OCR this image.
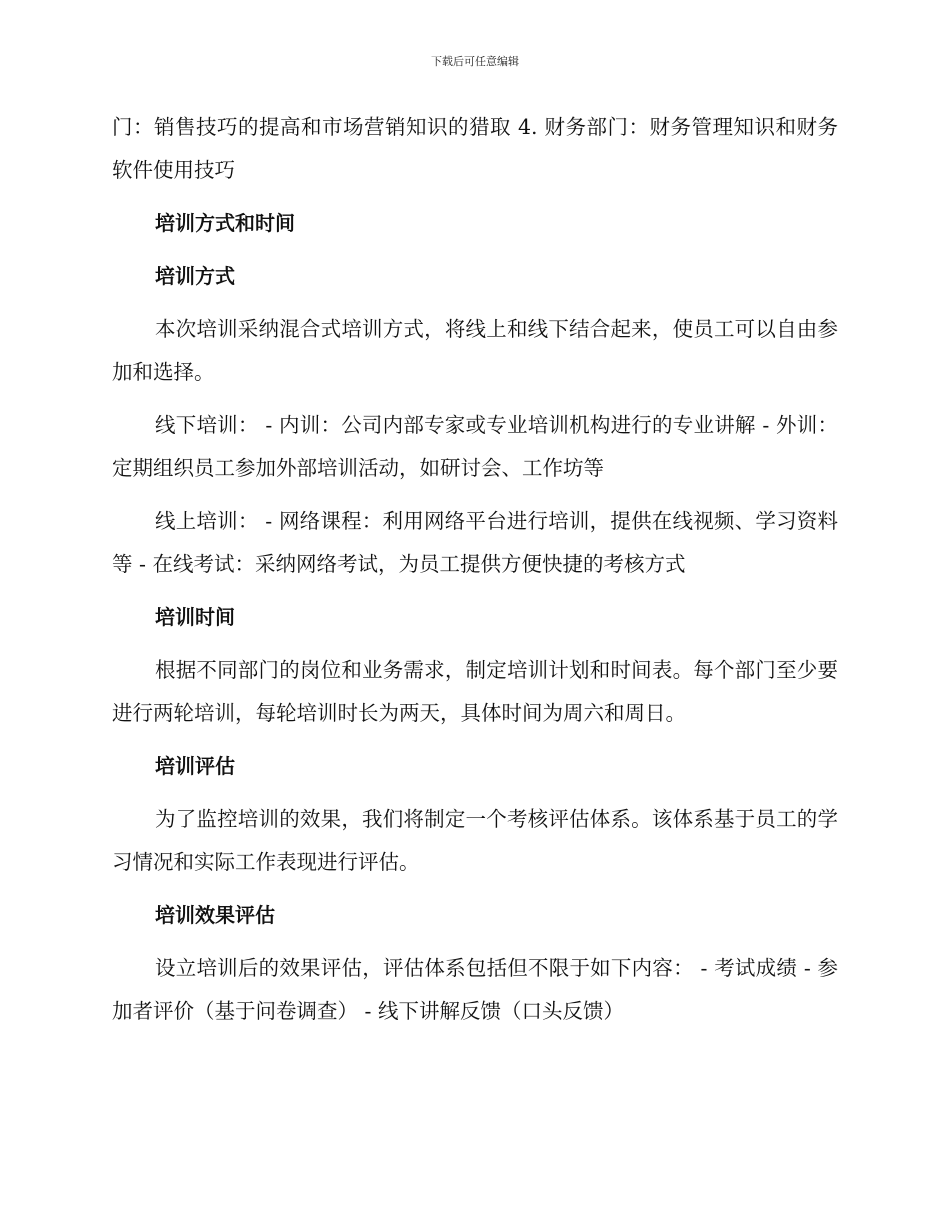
下载后可任意编辑

门：销售技巧的提高和市场营销知识的猎取 4. 财务部门：财务管理知识和财务软件使用技巧

培训方式和时间
培训方式

本次培训采纳混合式培训方式，将线上和线下结合起来，使员工可以自由参加和选择。

线下培训： - 内训：公司内部专家或专业培训机构进行的专业讲解 - 外训：定期组织员工参加外部培训活动，如研讨会、工作坊等

线上培训： - 网络课程：利用网络平台进行培训，提供在线视频、学习资料等 - 在线考试：采纳网络考试，为员工提供方便快捷的考核方式

培训时间

根据不同部门的岗位和业务需求，制定培训计划和时间表。每个部门至少要进行两轮培训，每轮培训时长为两天，具体时间为周六和周日。

培训评估

为了监控培训的效果，我们将制定一个考核评估体系。该体系基于员工的学习情况和实际工作表现进行评估。

培训效果评估

设立培训后的效果评估，评估体系包括但不限于如下内容： - 考试成绩 - 参加者评价（基于问卷调查） - 线下讲解反馈（口头反馈）
